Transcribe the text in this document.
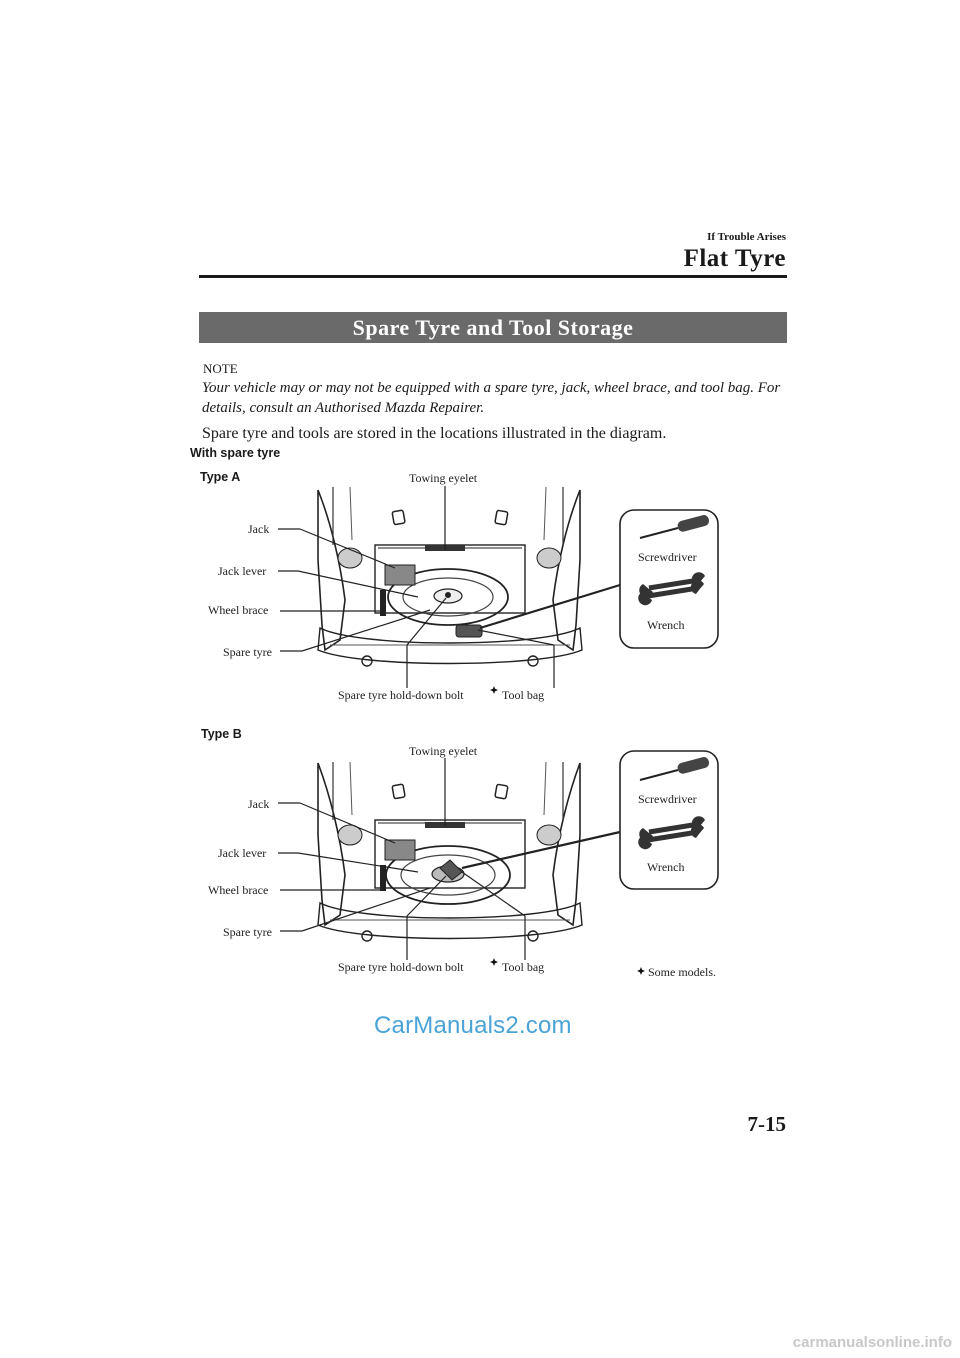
If Trouble Arises
Flat Tyre
Spare Tyre and Tool Storage
NOTE
Your vehicle may or may not be equipped with a spare tyre, jack, wheel brace, and tool bag. For details, consult an Authorised Mazda Repairer.
Spare tyre and tools are stored in the locations illustrated in the diagram.
With spare tyre
Type A
Type B
Towing eyelet
Jack
Jack lever
Wheel brace
Spare tyre
Spare tyre hold-down bolt	Tool bag
Screwdriver
Wrench
Towing eyelet
Jack
Jack lever
Wheel brace
Spare tyre
Spare tyre hold-down bolt	Tool bag
Screwdriver
Wrench
Some models.
CarManuals2.com
7-15
carmanualsonline.info
